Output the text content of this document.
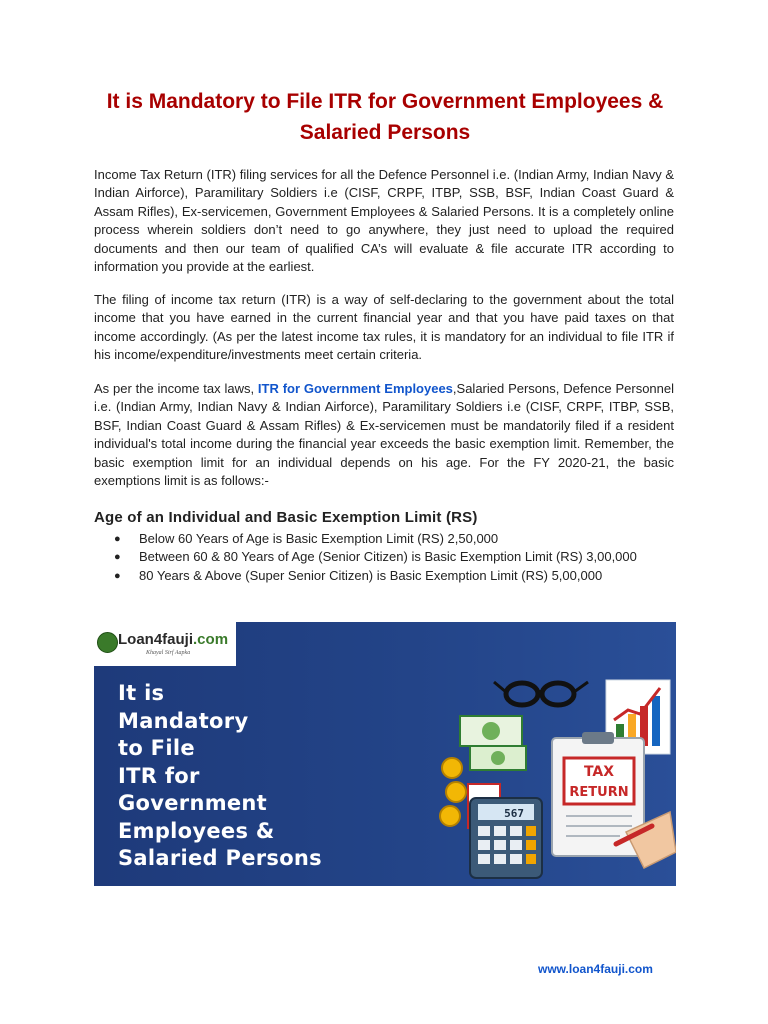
It is Mandatory to File ITR for Government Employees & Salaried Persons

Income Tax Return (ITR) filing services for all the Defence Personnel i.e. (Indian Army, Indian Navy & Indian Airforce), Paramilitary Soldiers i.e (CISF, CRPF, ITBP, SSB, BSF, Indian Coast Guard & Assam Rifles), Ex-servicemen, Government Employees & Salaried Persons. It is a completely online process wherein soldiers don’t need to go anywhere, they just need to upload the required documents and then our team of qualified CA’s will evaluate & file accurate ITR according to information you provide at the earliest.

The filing of income tax return (ITR) is a way of self-declaring to the government about the total income that you have earned in the current financial year and that you have paid taxes on that income accordingly. (As per the latest income tax rules, it is mandatory for an individual to file ITR if his income/expenditure/investments meet certain criteria.

As per the income tax laws, ITR for Government Employees,Salaried Persons, Defence Personnel i.e. (Indian Army, Indian Navy & Indian Airforce), Paramilitary Soldiers i.e (CISF, CRPF, ITBP, SSB, BSF, Indian Coast Guard & Assam Rifles) & Ex-servicemen must be mandatorily filed if a resident individual's total income during the financial year exceeds the basic exemption limit. Remember, the basic exemption limit for an individual depends on his age. For the FY 2020-21, the basic exemptions limit is as follows:-

Age of an Individual and Basic Exemption Limit (RS)
● Below 60 Years of Age is Basic Exemption Limit (RS) 2,50,000
● Between 60 & 80 Years of Age (Senior Citizen) is Basic Exemption Limit (RS) 3,00,000
● 80 Years & Above (Super Senior Citizen) is Basic Exemption Limit (RS) 5,00,000
Loan4fauji.com
Khayal Sirf Aapka
It is
Mandatory
to File
ITR for
Government
Employees &
Salaried Persons
567
TAX
RETURN
www.loan4fauji.com
